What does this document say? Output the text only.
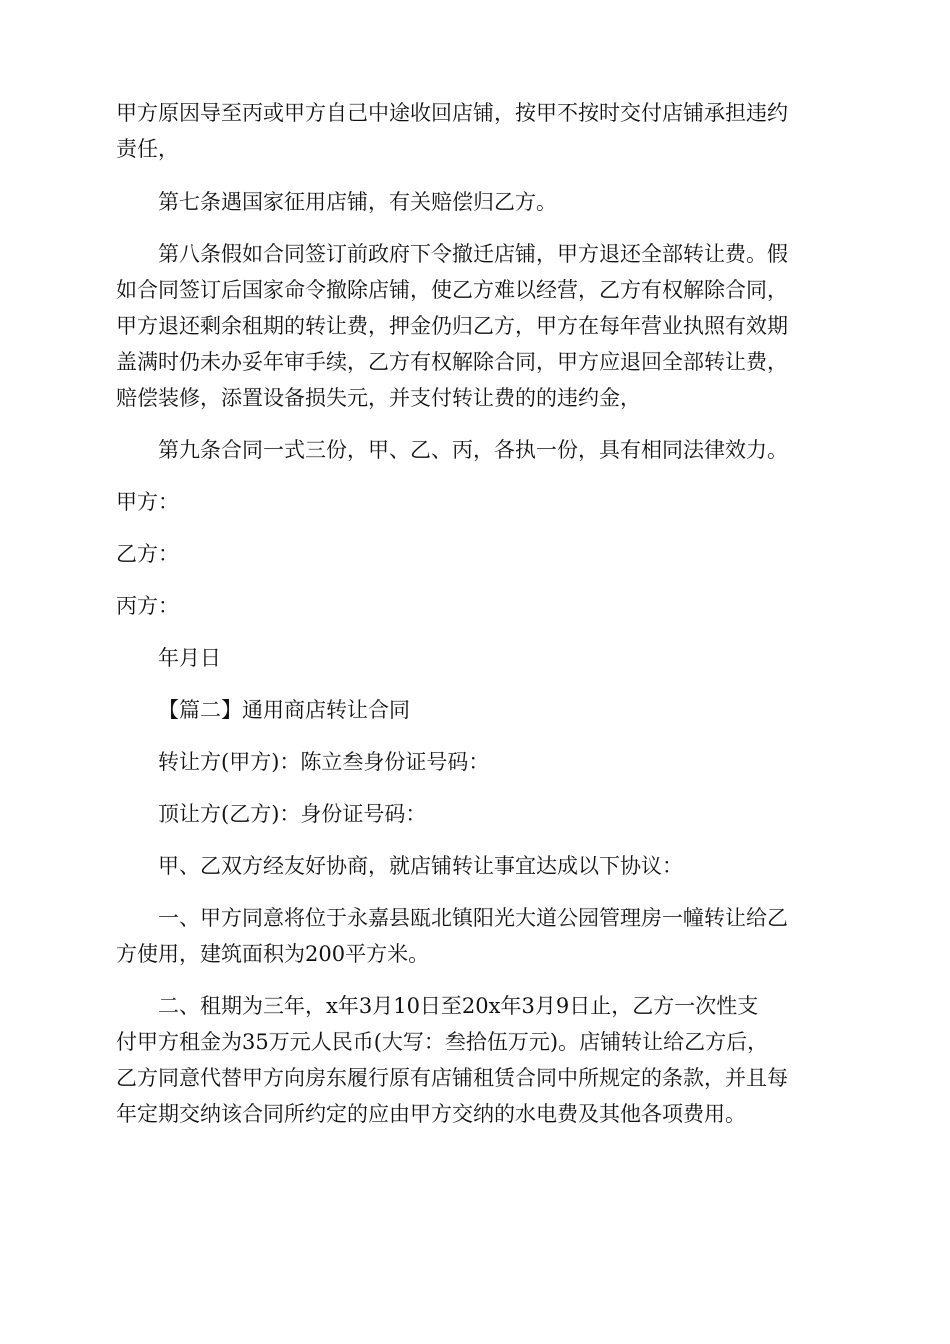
甲方原因导至丙或甲方自己中途收回店铺，按甲不按时交付店铺承担违约
责任，

第七条遇国家征用店铺，有关赔偿归乙方。

第八条假如合同签订前政府下令撤迁店铺，甲方退还全部转让费。假
如合同签订后国家命令撤除店铺，使乙方难以经营，乙方有权解除合同，
甲方退还剩余租期的转让费，押金仍归乙方，甲方在每年营业执照有效期
盖满时仍未办妥年审手续，乙方有权解除合同，甲方应退回全部转让费，
赔偿装修，添置设备损失元，并支付转让费的的违约金，

第九条合同一式三份，甲、乙、丙，各执一份，具有相同法律效力。

甲方：

乙方：

丙方：

年月日

【篇二】通用商店转让合同

转让方(甲方)：陈立叁身份证号码：

顶让方(乙方)：身份证号码：

甲、乙双方经友好协商，就店铺转让事宜达成以下协议：

一、甲方同意将位于永嘉县瓯北镇阳光大道公园管理房一幢转让给乙
方使用，建筑面积为200平方米。

二、租期为三年，x年3月10日至20x年3月9日止，乙方一次性支
付甲方租金为35万元人民币(大写：叁拾伍万元)。店铺转让给乙方后，
乙方同意代替甲方向房东履行原有店铺租赁合同中所规定的条款，并且每
年定期交纳该合同所约定的应由甲方交纳的水电费及其他各项费用。
